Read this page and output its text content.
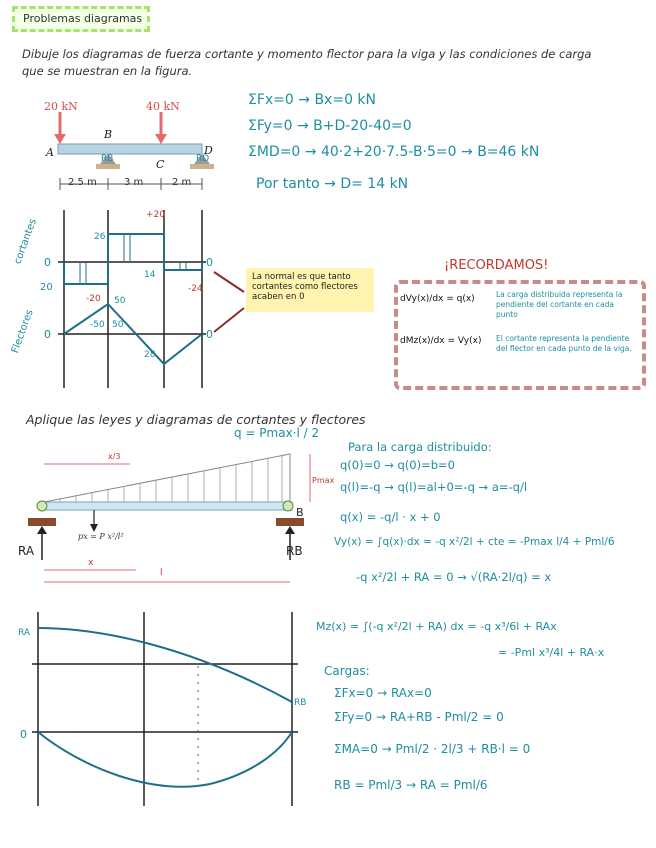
Problemas diagramas
Dibuje los diagramas de fuerza cortante y momento flector para la viga y las condiciones de carga que se muestran en la figura.
20 kN	40 kN
A
B
C
D
2.5 m	3 m	2 m
RB	RD
ΣFx=0 → Bx=0 kN
ΣFy=0 → B+D-20-40=0
ΣMD=0 → 40·2+20·7.5-B·5=0 → B=46 kN
Por tanto → D= 14 kN
cortantes
Flectores
0
20
0
26
+20
14
-20
-24
50
-50 50
28
0
0
La normal es que tanto cortantes como flectores acaben en 0
¡RECORDAMOS!
dVy(x)/dx = q(x)	La carga distribuida representa la pendiente del cortante en cada punto
dMz(x)/dx = Vy(x) El cortante representa la pendiente del flector en cada punto de la viga.
Aplique las leyes y diagramas de cortantes y flectores
q = Pmax·l / 2
x/3
Pmax
px = P x²/l²
x
l
RA	RB
B
Para la carga distribuido:
q(0)=0 → q(0)=b=0
q(l)=-q → q(l)=al+0=-q → a=-q/l
q(x) = -q/l · x + 0
Vy(x) = ∫q(x)·dx = -q x²/2l + cte = -Pmax l/4 + Pml/6
-q x²/2l + RA = 0 → √(RA·2l/q) = x
Mz(x) = ∫(-q x²/2l + RA) dx = -q x³/6l + RAx
= -Pml x³/4l + RA·x
Cargas:
ΣFx=0 → RAx=0
ΣFy=0 → RA+RB - Pml/2 = 0
ΣMA=0 → Pml/2 · 2l/3 + RB·l = 0
RB = Pml/3 → RA = Pml/6
RA
RB
0
